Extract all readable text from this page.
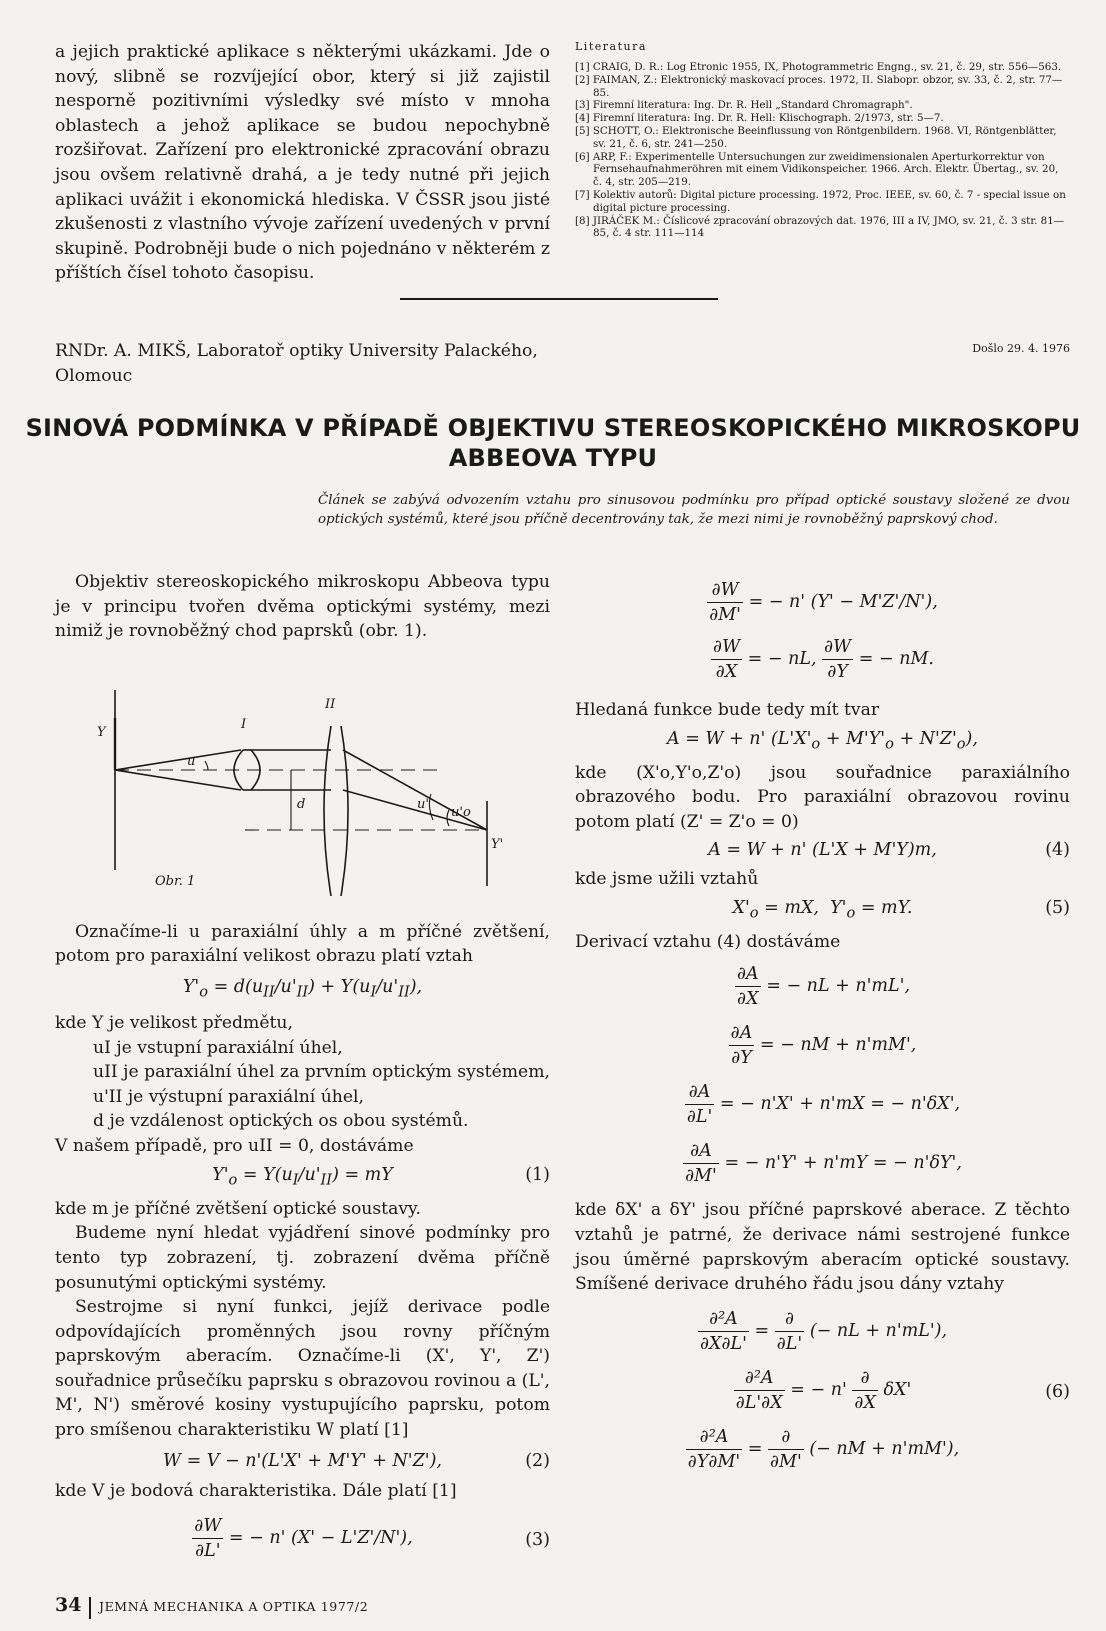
a jejich praktické aplikace s některými ukázkami. Jde o nový, slibně se rozvíjející obor, který si již zajistil nesporně pozitivními výsledky své místo v mnoha oblastech a jehož aplikace se budou nepochybně rozšiřovat. Zařízení pro elektronické zpracování obrazu jsou ovšem relativně drahá, a je tedy nutné při jejich aplikaci uvážit i ekonomická hlediska. V ČSSR jsou jisté zkušenosti z vlastního vývoje zařízení uvedených v první skupině. Podrobněji bude o nich pojednáno v některém z příštích čísel tohoto časopisu.

Literatura

[1] CRAIG, D. R.: Log Etronic 1955, IX, Photogrammetric Engng., sv. 21, č. 29, str. 556—563.

[2] FAIMAN, Z.: Elektronický maskovací proces. 1972, II. Slabopr. obzor, sv. 33, č. 2, str. 77—85.

[3] Firemní literatura: Ing. Dr. R. Hell „Standard Chromagraph".

[4] Firemní literatura: Ing. Dr. R. Hell: Klischograph. 2/1973, str. 5—7.

[5] SCHOTT, O.: Elektronische Beeinflussung von Röntgenbildern. 1968. VI, Röntgenblätter, sv. 21, č. 6, str. 241—250.

[6] ARP, F.: Experimentelle Untersuchungen zur zweidimensionalen Aperturkorrektur von Fernsehaufnahmeröhren mit einem Vidikonspeicher. 1966. Arch. Elektr. Übertag., sv. 20, č. 4, str. 205—219.

[7] Kolektiv autorů: Digital picture processing. 1972, Proc. IEEE, sv. 60, č. 7 - special issue on digital picture processing.

[8] JIRÁČEK M.: Číslicové zpracování obrazových dat. 1976, III a IV, JMO, sv. 21, č. 3 str. 81—85, č. 4 str. 111—114

RNDr. A. MIKŠ, Laboratoř optiky University Palackého, Olomouc
Došlo 29. 4. 1976

SINOVÁ PODMÍNKA V PŘÍPADĚ OBJEKTIVU STEREOSKOPICKÉHO MIKROSKOPU

ABBEOVA TYPU

Článek se zabývá odvozením vztahu pro sinusovou podmínku pro případ optické soustavy složené ze dvou optických systémů, které jsou příčně decentrovány tak, že mezi nimi je rovnoběžný paprskový chod.

Objektiv stereoskopického mikroskopu Abbeova typu je v principu tvořen dvěma optickými systémy, mezi nimiž je rovnoběžný chod paprsků (obr. 1).

Y
I
II
u
d	u'
u'o
Y'
Obr. 1

Označíme-li u paraxiální úhly a m příčné zvětšení, potom pro paraxiální velikost obrazu platí vztah

$Y'_o = d(u_{II}/u'_{II}) + Y(u_I/u'_{II})$,

kde Y je velikost předmětu,

uI je vstupní paraxiální úhel,

uII je paraxiální úhel za prvním optickým systémem,

u'II je výstupní paraxiální úhel,

d je vzdálenost optických os obou systémů.

V našem případě, pro uII = 0, dostáváme

$Y'_o = Y(u_I/u'_{II})$ = mY	(1)

kde m je příčné zvětšení optické soustavy.

Budeme nyní hledat vyjádření sinové podmínky pro tento typ zobrazení, tj. zobrazení dvěma příčně posunutými optickými systémy.

Sestrojme si nyní funkci, jejíž derivace podle odpovídajících proměnných jsou rovny příčným paprskovým aberacím. Označíme-li (X', Y', Z') souřadnice průsečíku paprsku s obrazovou rovinou a (L', M', N') směrové kosiny vystupujícího paprsku, potom pro smíšenou charakteristiku W platí [1]

W = V − n'(L'X' + M'Y' + N'Z'),	(2)

kde V je bodová charakteristika. Dále platí [1]

$\frac{\partial W}{\partial L'}$ = − n' (X' − L'Z'/N'),	(3)
$\frac{\partial W}{\partial M'}$ = − n' (Y' − M'Z'/N'),
$\frac{\partial W}{\partial X}$ = − nL, $\frac{\partial W}{\partial Y}$ = − nM.

Hledaná funkce bude tedy mít tvar

A = W + n' $(L'X'_o + M'Y'_o + N'Z'_o)$,

kde (X'o,Y'o,Z'o) jsou souřadnice paraxiálního obrazového bodu. Pro paraxiální obrazovou rovinu potom platí (Z' = Z'o = 0)

A = W + n' (L'X + M'Y)m,	(4)

kde jsme užili vztahů

$X'_o$ = mX,  $Y'_o$ = mY.	(5)

Derivací vztahu (4) dostáváme

$\frac{\partial A}{\partial X}$ = − nL + n'mL',
$\frac{\partial A}{\partial Y}$ = − nM + n'mM',
$\frac{\partial A}{\partial L'}$ = − n'X' + n'mX = − n'δX',
$\frac{\partial A}{\partial M'}$ = − n'Y' + n'mY = − n'δY',

kde δX' a δY' jsou příčné paprskové aberace. Z těchto vztahů je patrné, že derivace námi sestrojené funkce jsou úměrné paprskovým aberacím optické soustavy. Smíšené derivace druhého řádu jsou dány vztahy

$\frac{\text{∂²A}}{\partial X\partial L'} = \frac{\partial}{\partial L'}$ (− nL + n'mL'),
$\frac{\text{∂²A}}{\partial L'\partial X}$ = − $n' \frac{\partial}{\partial X} \delta X'$	(6)
$\frac{\text{∂²A}}{\partial Y\partial M'} = \frac{\partial}{\partial M'}$ (− nM + n'mM'),
34 JEMNÁ MECHANIKA A OPTIKA 1977/2
